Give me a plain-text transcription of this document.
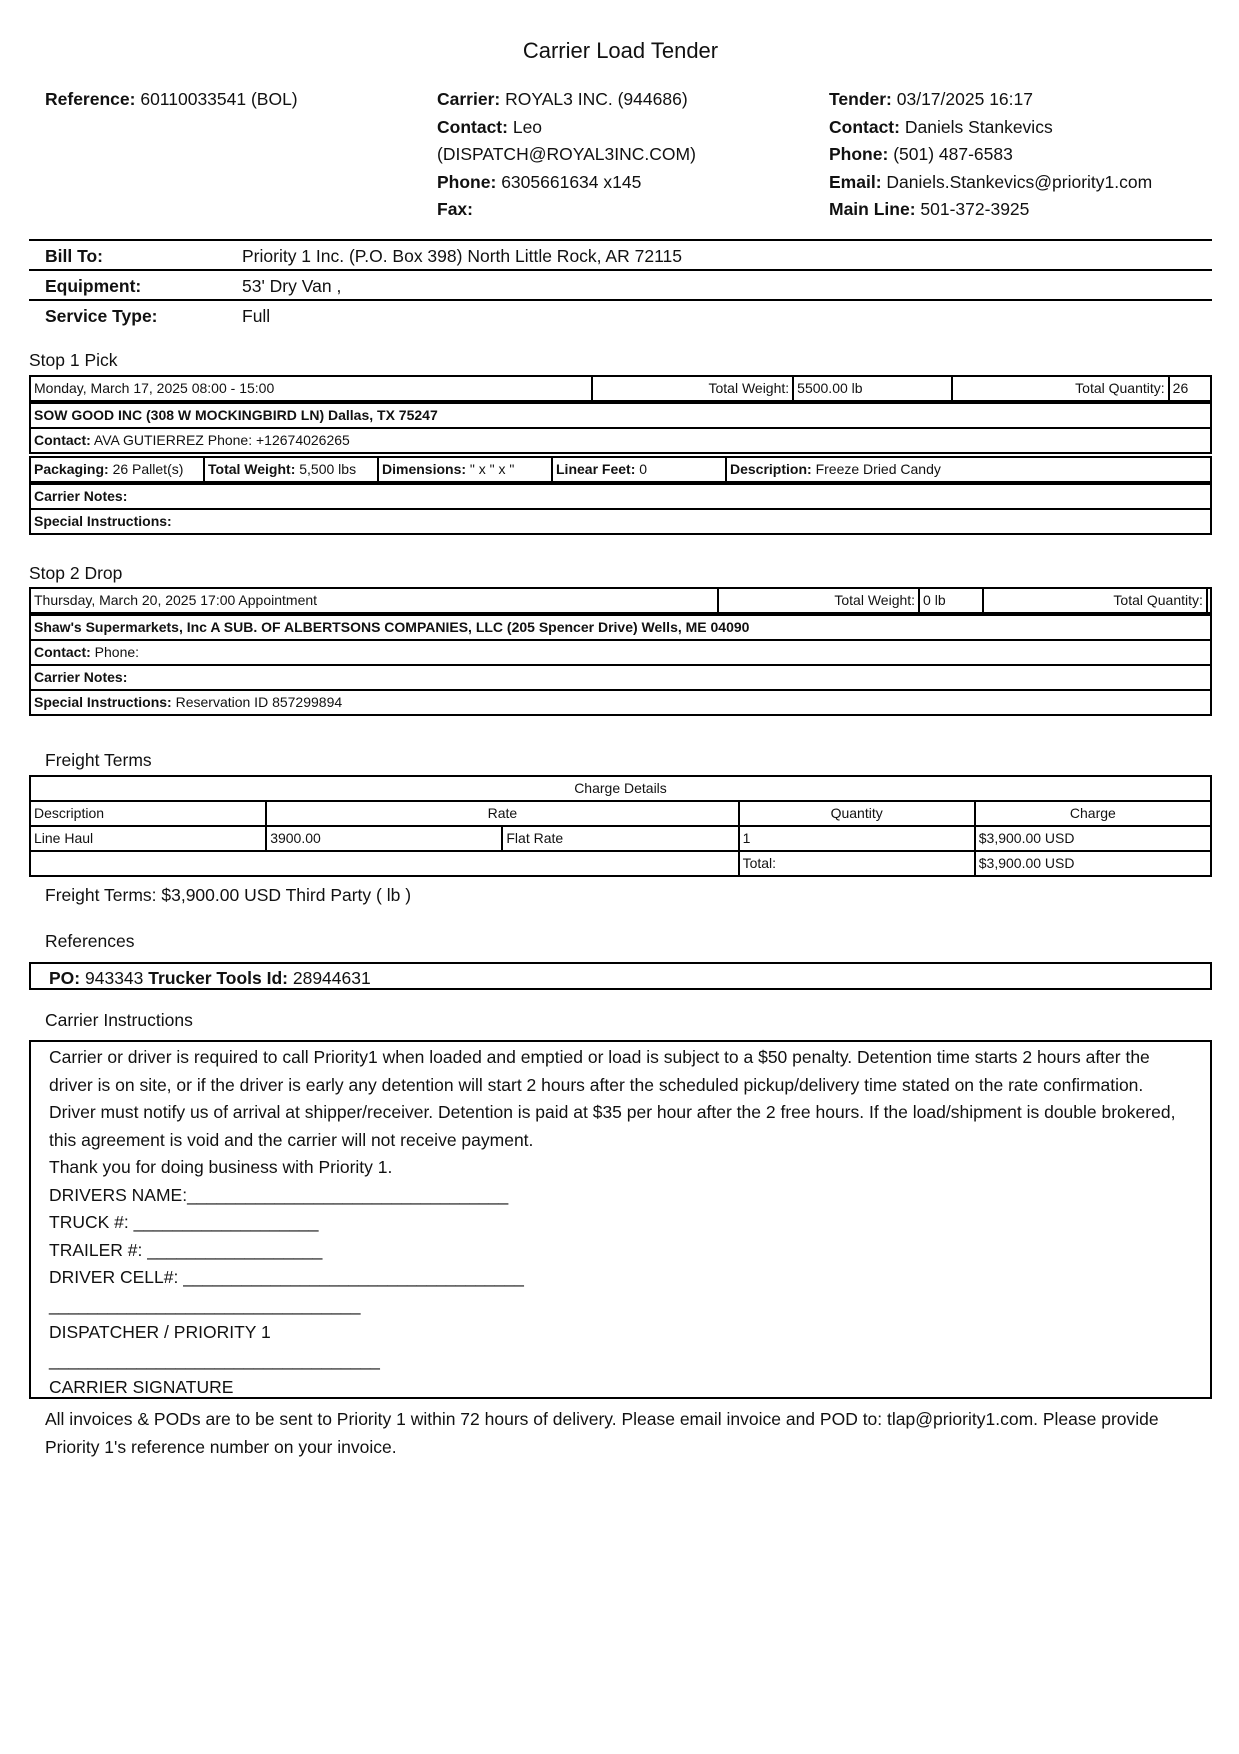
Carrier Load Tender
Reference: 60110033541 (BOL)	Carrier: ROYAL3 INC. (944686)
Contact: Leo
(DISPATCH@ROYAL3INC.COM)
Phone: 6305661634 x145
Fax:
Tender: 03/17/2025 16:17
Contact: Daniels Stankevics
Phone: (501) 487-6583
Email: Daniels.Stankevics@priority1.com
Main Line: 501-372-3925
Bill To:	Priority 1 Inc. (P.O. Box 398) North Little Rock, AR 72115
Equipment:	53' Dry Van ,
Service Type:	Full
Stop 1 Pick
Monday, March 17, 2025 08:00 - 15:00	Total Weight:	5500.00 lb	Total Quantity:	26
SOW GOOD INC (308 W MOCKINGBIRD LN) Dallas, TX 75247
Contact: AVA GUTIERREZ Phone: +12674026265
Packaging: 26 Pallet(s)	Total Weight: 5,500 lbs	Dimensions: " x " x "	Linear Feet: 0	Description: Freeze Dried Candy
Carrier Notes:
Special Instructions:
Stop 2 Drop
Thursday, March 20, 2025 17:00 Appointment	Total Weight:	0 lb	Total Quantity:	
Shaw's Supermarkets, Inc A SUB. OF ALBERTSONS COMPANIES, LLC (205 Spencer Drive) Wells, ME 04090
Contact: Phone:
Carrier Notes:
Special Instructions: Reservation ID 857299894
Freight Terms
Charge Details				
Description	Rate		Quantity	Charge
Line Haul	3900.00	Flat Rate	1	$3,900.00 USD
			Total:	$3,900.00 USD
Freight Terms: $3,900.00 USD Third Party ( lb )
References
PO: 943343 Trucker Tools Id: 28944631
Carrier Instructions

Carrier or driver is required to call Priority1 when loaded and emptied or load is subject to a $50 penalty. Detention time starts 2 hours after the driver is on site, or if the driver is early any detention will start 2 hours after the scheduled pickup/delivery time stated on the rate confirmation. Driver must notify us of arrival at shipper/receiver. Detention is paid at $35 per hour after the 2 free hours. If the load/shipment is double brokered, this agreement is void and the carrier will not receive payment.

Thank you for doing business with Priority 1.

DRIVERS NAME:_________________________________

TRUCK #: ___________________

TRAILER #: __________________

DRIVER CELL#: ___________________________________

________________________________

DISPATCHER / PRIORITY 1

__________________________________

CARRIER SIGNATURE

All invoices & PODs are to be sent to Priority 1 within 72 hours of delivery. Please email invoice and POD to: tlap@priority1.com. Please provide Priority 1's reference number on your invoice.
